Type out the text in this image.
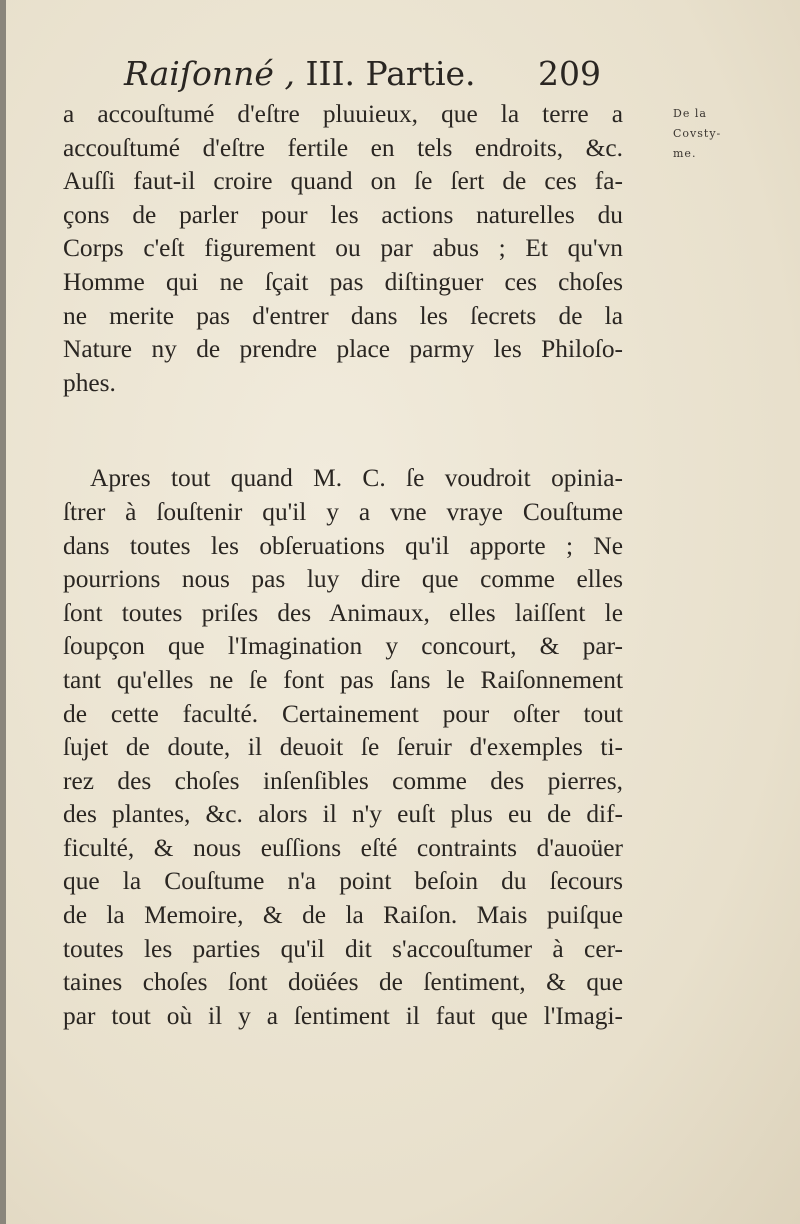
Raiſonné , III. Partie. 209
De la
Covsty-
me.
a accouſtumé d'eſtre pluuieux, que la terre a
accouſtumé d'eſtre fertile en tels endroits, &c.
Auſſi faut-il croire quand on ſe ſert de ces fa-
çons de parler pour les actions naturelles du
Corps c'eſt figurement ou par abus ; Et qu'vn
Homme qui ne ſçait pas diſtinguer ces choſes
ne merite pas d'entrer dans les ſecrets de la
Nature ny de prendre place parmy les Philoſo-
phes.
Apres tout quand M. C. ſe voudroit opinia-
ſtrer à ſouſtenir qu'il y a vne vraye Couſtume
dans toutes les obſeruations qu'il apporte ; Ne
pourrions nous pas luy dire que comme elles
ſont toutes priſes des Animaux, elles laiſſent le
ſoupçon que l'Imagination y concourt, & par-
tant qu'elles ne ſe font pas ſans le Raiſonnement
de cette faculté. Certainement pour oſter tout
ſujet de doute, il deuoit ſe ſeruir d'exemples ti-
rez des choſes inſenſibles comme des pierres,
des plantes, &c. alors il n'y euſt plus eu de dif-
ficulté, & nous euſſions eſté contraints d'auoüer
que la Couſtume n'a point beſoin du ſecours
de la Memoire, & de la Raiſon. Mais puiſque
toutes les parties qu'il dit s'accouſtumer à cer-
taines choſes ſont doüées de ſentiment, & que
par tout où il y a ſentiment il faut que l'Imagi-
